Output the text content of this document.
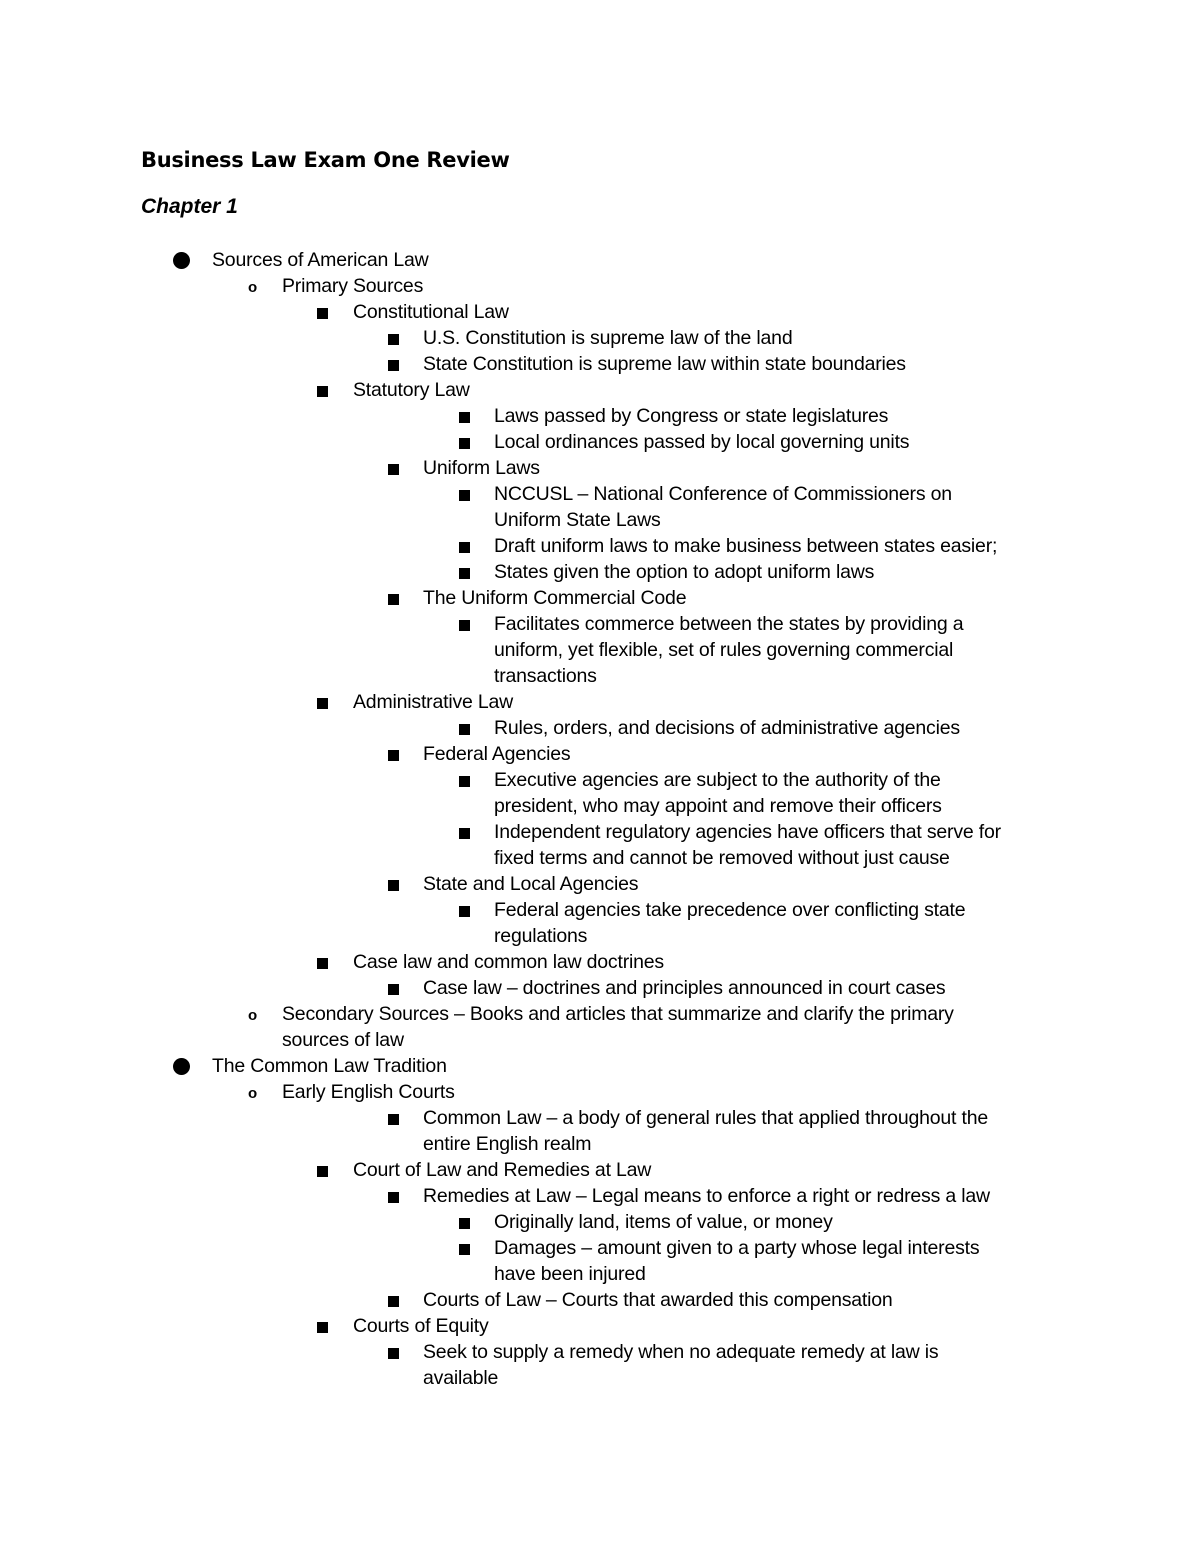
Business Law Exam One Review
Chapter 1
Sources of American Law
o Primary Sources
Constitutional Law
U.S. Constitution is supreme law of the land
State Constitution is supreme law within state boundaries
Statutory Law
Laws passed by Congress or state legislatures
Local ordinances passed by local governing units
Uniform Laws
NCCUSL – National Conference of Commissioners on
Uniform State Laws
Draft uniform laws to make business between states easier;
States given the option to adopt uniform laws
The Uniform Commercial Code
Facilitates commerce between the states by providing a
uniform, yet flexible, set of rules governing commercial
transactions
Administrative Law
Rules, orders, and decisions of administrative agencies
Federal Agencies
Executive agencies are subject to the authority of the
president, who may appoint and remove their officers
Independent regulatory agencies have officers that serve for
fixed terms and cannot be removed without just cause
State and Local Agencies
Federal agencies take precedence over conflicting state
regulations
Case law and common law doctrines
Case law – doctrines and principles announced in court cases
o Secondary Sources – Books and articles that summarize and clarify the primary
sources of law
The Common Law Tradition
o Early English Courts
Common Law – a body of general rules that applied throughout the
entire English realm
Court of Law and Remedies at Law
Remedies at Law – Legal means to enforce a right or redress a law
Originally land, items of value, or money
Damages – amount given to a party whose legal interests
have been injured
Courts of Law – Courts that awarded this compensation
Courts of Equity
Seek to supply a remedy when no adequate remedy at law is
available
